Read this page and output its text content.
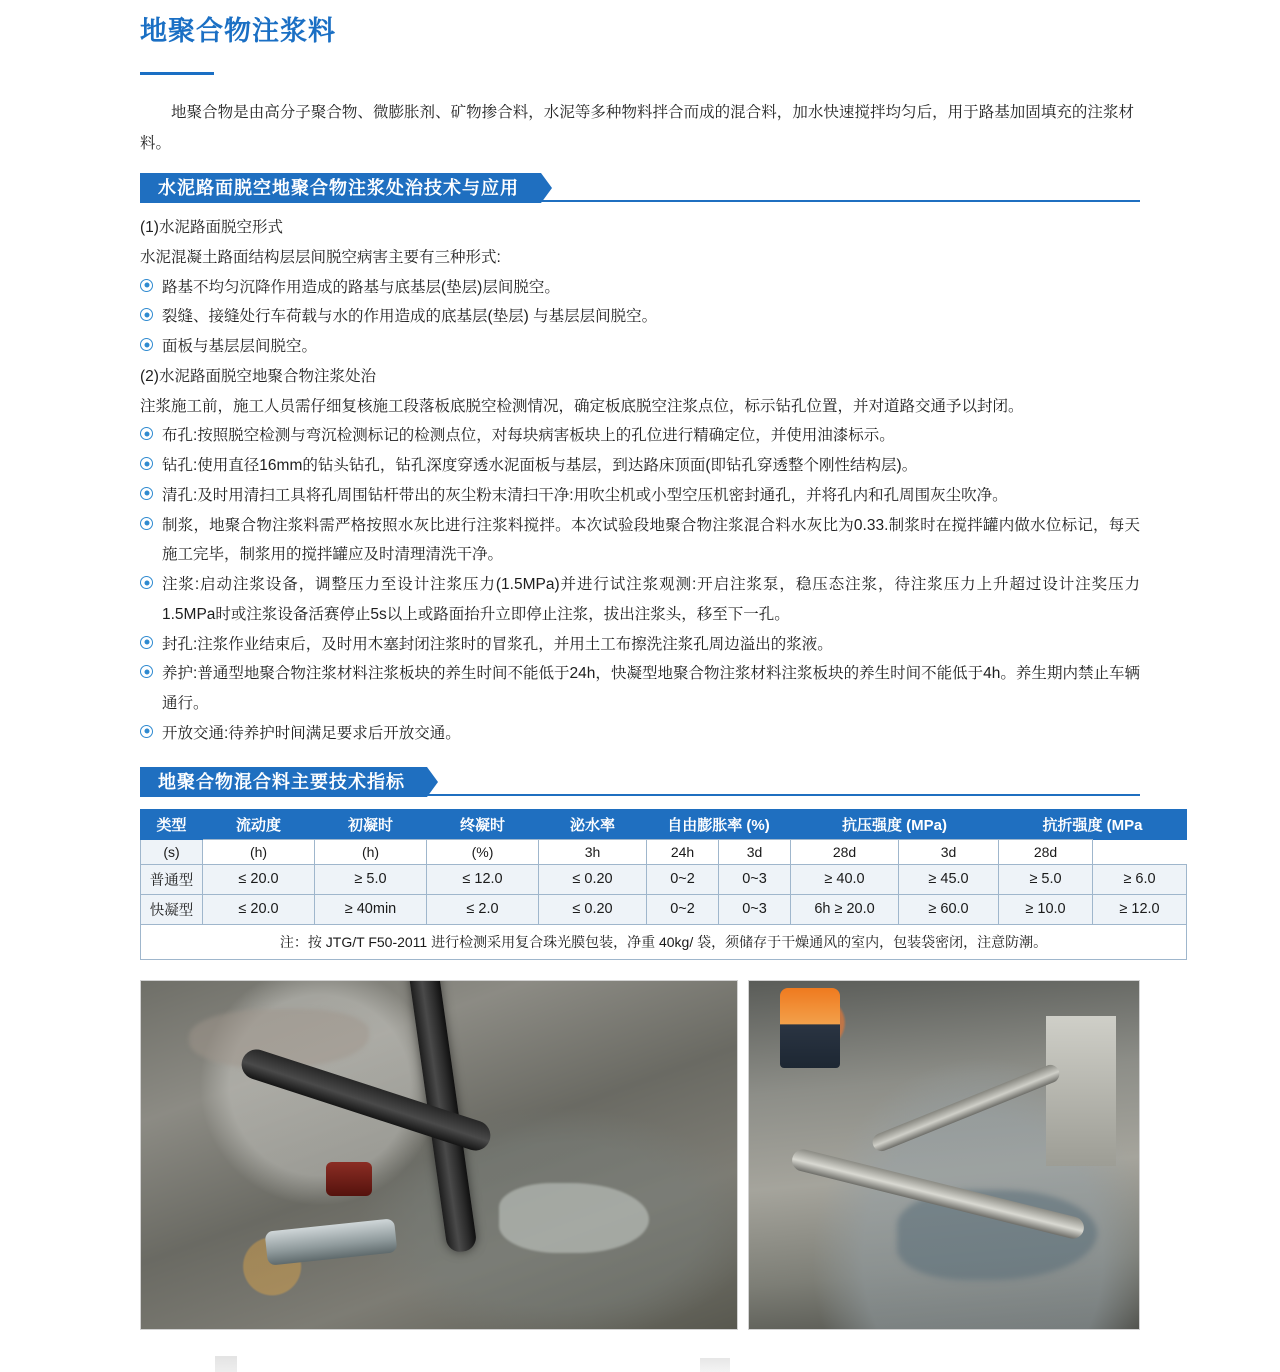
地聚合物注浆料

地聚合物是由高分子聚合物、微膨胀剂、矿物掺合料，水泥等多种物料拌合而成的混合料，加水快速搅拌均匀后，用于路基加固填充的注浆材料。

水泥路面脱空地聚合物注浆处治技术与应用
(1)水泥路面脱空形式
水泥混凝土路面结构层层间脱空病害主要有三种形式:
路基不均匀沉降作用造成的路基与底基层(垫层)层间脱空。
裂缝、接缝处行车荷载与水的作用造成的底基层(垫层) 与基层层间脱空。
面板与基层层间脱空。
(2)水泥路面脱空地聚合物注浆处治
注浆施工前，施工人员需仔细复核施工段落板底脱空检测情况，确定板底脱空注浆点位，标示钻孔位置，并对道路交通予以封闭。
布孔:按照脱空检测与弯沉检测标记的检测点位，对每块病害板块上的孔位进行精确定位，并使用油漆标示。
钻孔:使用直径16mm的钻头钻孔，钻孔深度穿透水泥面板与基层，到达路床顶面(即钻孔穿透整个刚性结构层)。
清孔:及时用清扫工具将孔周围钻杆带出的灰尘粉末清扫干净:用吹尘机或小型空压机密封通孔，并将孔内和孔周围灰尘吹净。
制浆，地聚合物注浆料需严格按照水灰比进行注浆料搅拌。本次试验段地聚合物注浆混合料水灰比为0.33.制浆时在搅拌罐内做水位标记，每天施工完毕，制浆用的搅拌罐应及时清理清洗干净。
注浆:启动注浆设备，调整压力至设计注浆压力(1.5MPa)并进行试注浆观测:开启注浆泵，稳压态注浆，待注浆压力上升超过设计注奖压力1.5MPa时或注浆设备活赛停止5s以上或路面抬升立即停止注浆，拔出注浆头，移至下一孔。
封孔:注浆作业结束后，及时用木塞封闭注浆时的冒浆孔，并用土工布擦洗注浆孔周边溢出的浆液。
养护:普通型地聚合物注浆材料注浆板块的养生时间不能低于24h，快凝型地聚合物注浆材料注浆板块的养生时间不能低于4h。养生期内禁止车辆通行。
开放交通:待养护时间满足要求后开放交通。
地聚合物混合料主要技术指标
类型	流动度	初凝时	终凝时	泌水率	自由膨胀率 (%)		抗压强度 (MPa)		抗折强度 (MPa	

(s)	(h)	(h)	(%)	3h	24h	3d	28d	3d	28d	
普通型	≤ 20.0	≥ 5.0	≤ 12.0	≤ 0.20	0~2	0~3	≥ 40.0	≥ 45.0	≥ 5.0	≥ 6.0
快凝型	≤ 20.0	≥ 40min	≤ 2.0	≤ 0.20	0~2	0~3	6h ≥ 20.0	≥ 60.0	≥ 10.0	≥ 12.0
注：按 JTG/T F50-2011 进行检测采用复合珠光膜包装，净重 40kg/ 袋，须储存于干燥通风的室内，包装袋密闭，注意防潮。										
